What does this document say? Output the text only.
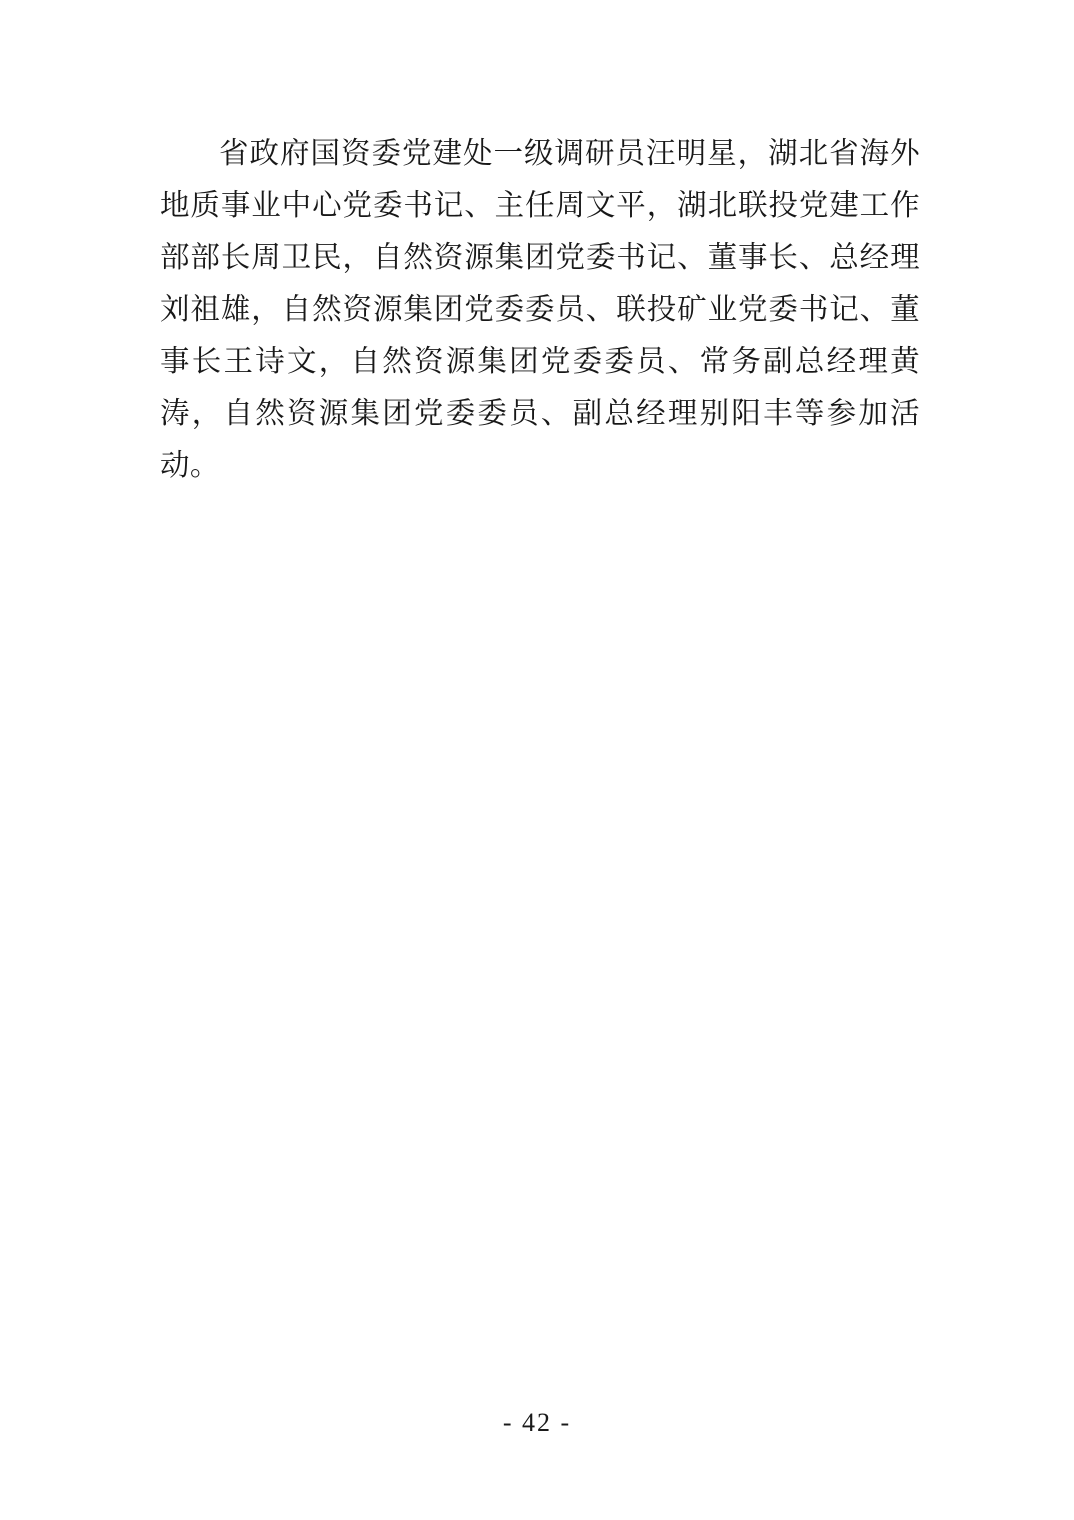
省政府国资委党建处一级调研员汪明星，湖北省海外地质事业中心党委书记、主任周文平，湖北联投党建工作部部长周卫民，自然资源集团党委书记、董事长、总经理刘祖雄，自然资源集团党委委员、联投矿业党委书记、董事长王诗文，自然资源集团党委委员、常务副总经理黄涛，自然资源集团党委委员、副总经理别阳丰等参加活动。

- 42 -
